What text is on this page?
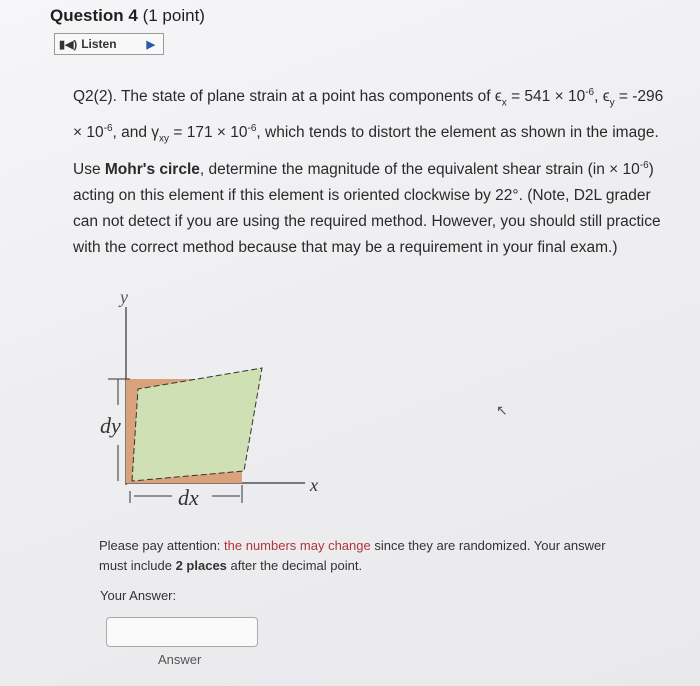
Question 4 (1 point)
▮◀) Listen	▶

Q2(2). The state of plane strain at a point has components of $\epsilon_x = 541 \times 10^{-6}$, $\epsilon_y = -296 \times 10^{-6}$, and $\gamma_{xy} = 171 \times 10^{-6}$, which tends to distort the element as shown in the image. Use Mohr's circle, determine the magnitude of the equivalent shear strain $(in \times 10^{-6})$ acting on this element if this element is oriented clockwise by 22°. (Note, D2L grader can not detect if you are using the required method. However, you should still practice with the correct method because that may be a requirement in your final exam.)

dy
dx
y
x
↖
Please pay attention: the numbers may change since they are randomized. Your answer must include 2 places after the decimal point.
Your Answer:
Answer
